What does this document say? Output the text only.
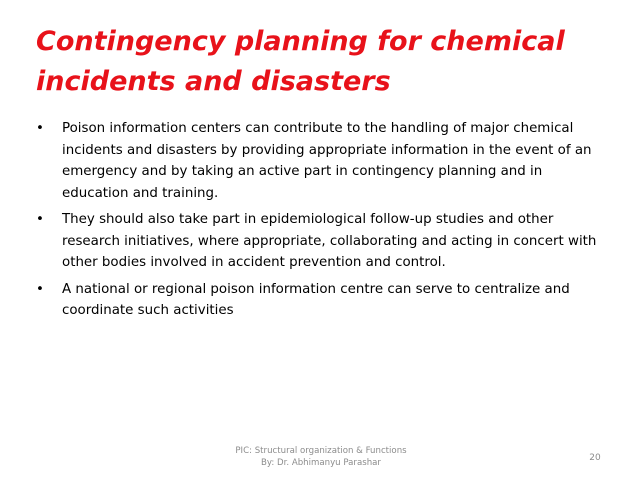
Contingency planning for chemical incidents and disasters
•	Poison information centers can contribute to the handling of major chemical incidents and disasters by providing appropriate information in the event of an emergency and by taking an active part in contingency planning and in education and training.
•	They should also take part in epidemiological follow-up studies and other research initiatives, where appropriate, collaborating and acting in concert with other bodies involved in accident prevention and control.
•	A national or regional poison information centre can serve to centralize and coordinate such activities
PIC: Structural organization & Functions
By: Dr. Abhimanyu Parashar	20
